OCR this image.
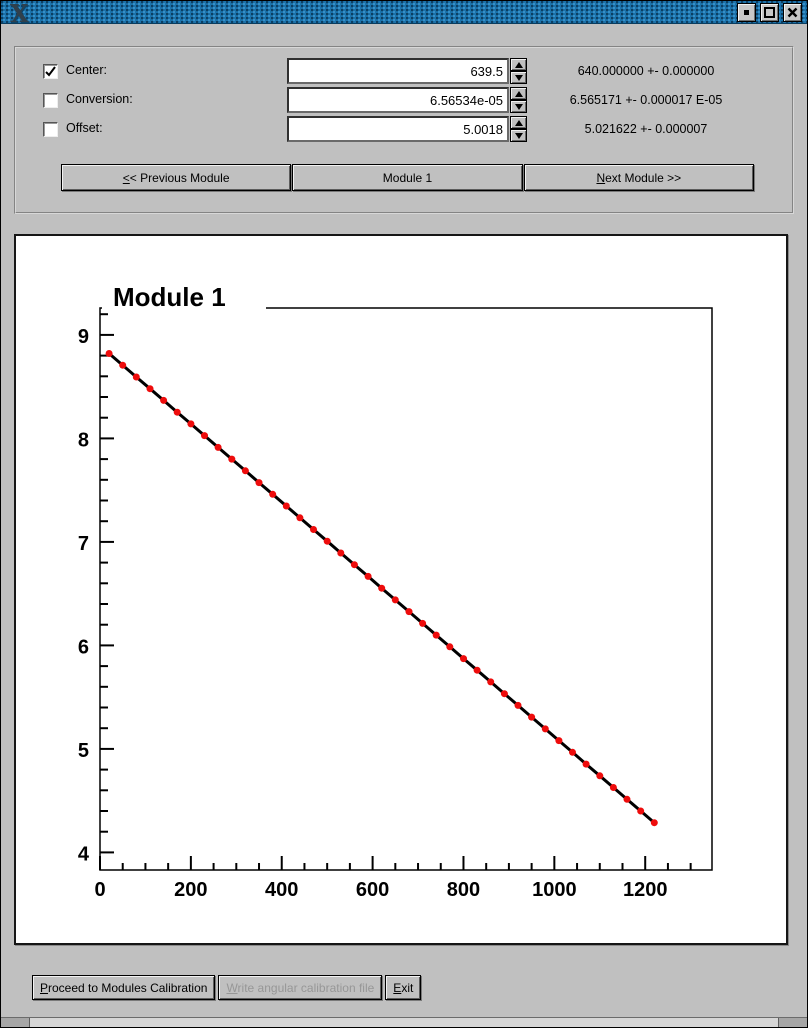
X
Center:
639.5	640.000000 +- 0.000000
Conversion:
6.56534e-05	6.565171 +- 0.000017 E-05
Offset:
5.0018	5.021622 +- 0.000007
<< Previous Module	Module 1	Next Module >>
0	200	400	600	800	1000 1200
4
5
6
7
8
9
Module 1
Proceed to Modules Calibration Write angular calibration file Exit
